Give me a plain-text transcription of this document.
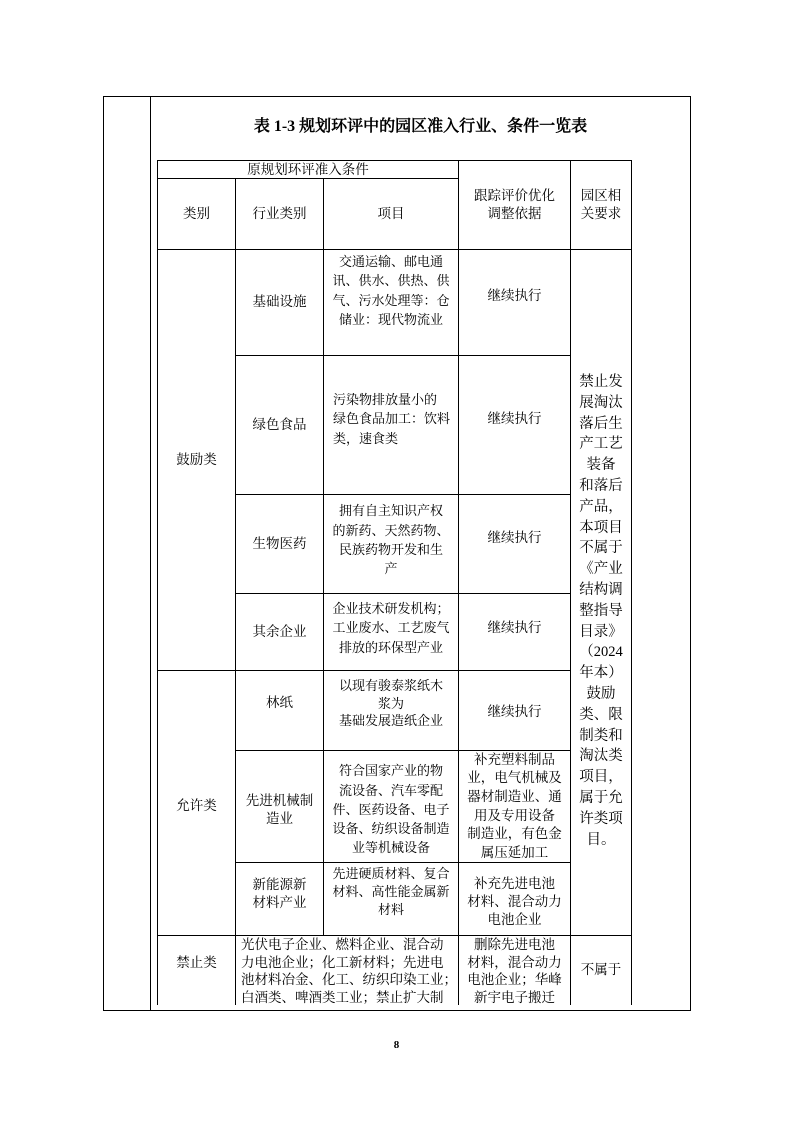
表 1-3 规划环评中的园区准入行业、条件一览表
原规划环评准入条件
类别	行业类别	项目
跟踪评价优化
调整依据
园区相
关要求
鼓励类
基础设施
交通运输、邮电通
讯、供水、供热、供
气、污水处理等：仓
储业：现代物流业
继续执行
绿色食品
污染物排放量小的
绿色食品加工：饮料
类，速食类
继续执行
生物医药
拥有自主知识产权
的新药、天然药物、
民族药物开发和生
产
继续执行
其余企业
企业技术研发机构；
工业废水、工艺废气
排放的环保型产业
继续执行
允许类
林纸
以现有骏泰浆纸木
浆为
基础发展造纸企业
继续执行
先进机械制
造业
符合国家产业的物
流设备、汽车零配
件、医药设备、电子
设备、纺织设备制造
业等机械设备
补充塑料制品
业，电气机械及
器材制造业、通
用及专用设备
制造业，有色金
属压延加工
新能源新
材料产业
先进硬质材料、复合
材料、高性能金属新
材料
补充先进电池
材料、混合动力
电池企业
禁止发
展淘汰
落后生
产工艺
装备
和落后
产品，
本项目
不属于
《产业
结构调
整指导
目录》
（2024
年本）
鼓励
类、限
制类和
淘汰类
项目，
属于允
许类项
目。
禁止类
光伏电子企业、燃料企业、混合动
力电池企业；化工新材料；先进电
池材料冶金、化工、纺织印染工业；
白酒类、啤酒类工业；禁止扩大制
删除先进电池
材料，混合动力
电池企业；华峰
新宇电子搬迁
不属于
8
